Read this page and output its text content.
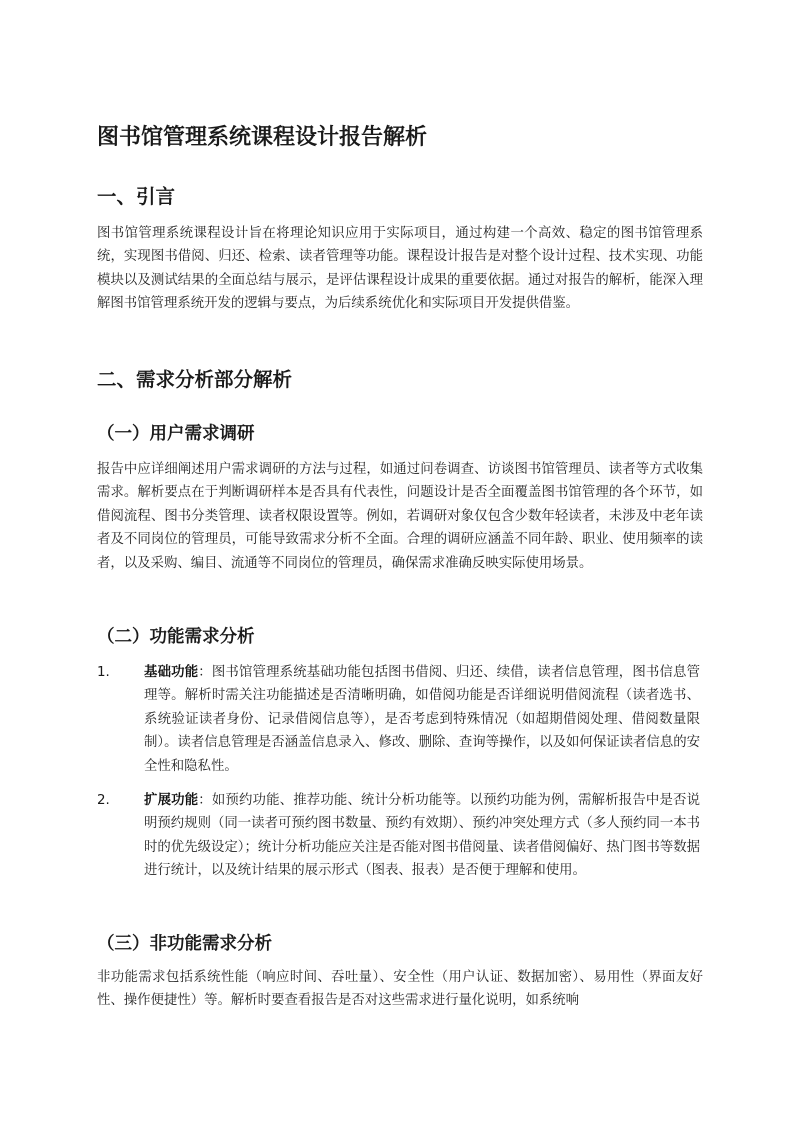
图书馆管理系统课程设计报告解析
一、引言

图书馆管理系统课程设计旨在将理论知识应用于实际项目，通过构建一个高效、稳定的图书馆管理系统，实现图书借阅、归还、检索、读者管理等功能。课程设计报告是对整个设计过程、技术实现、功能模块以及测试结果的全面总结与展示，是评估课程设计成果的重要依据。通过对报告的解析，能深入理解图书馆管理系统开发的逻辑与要点，为后续系统优化和实际项目开发提供借鉴。

二、需求分析部分解析
（一）用户需求调研

报告中应详细阐述用户需求调研的方法与过程，如通过问卷调查、访谈图书馆管理员、读者等方式收集需求。解析要点在于判断调研样本是否具有代表性，问题设计是否全面覆盖图书馆管理的各个环节，如借阅流程、图书分类管理、读者权限设置等。例如，若调研对象仅包含少数年轻读者，未涉及中老年读者及不同岗位的管理员，可能导致需求分析不全面。合理的调研应涵盖不同年龄、职业、使用频率的读者，以及采购、编目、流通等不同岗位的管理员，确保需求准确反映实际使用场景。

（二）功能需求分析
1.	基础功能：图书馆管理系统基础功能包括图书借阅、归还、续借，读者信息管理，图书信息管理等。解析时需关注功能描述是否清晰明确，如借阅功能是否详细说明借阅流程（读者选书、系统验证读者身份、记录借阅信息等），是否考虑到特殊情况（如超期借阅处理、借阅数量限制）。读者信息管理是否涵盖信息录入、修改、删除、查询等操作，以及如何保证读者信息的安全性和隐私性。

2.	扩展功能：如预约功能、推荐功能、统计分析功能等。以预约功能为例，需解析报告中是否说明预约规则（同一读者可预约图书数量、预约有效期）、预约冲突处理方式（多人预约同一本书时的优先级设定）；统计分析功能应关注是否能对图书借阅量、读者借阅偏好、热门图书等数据进行统计，以及统计结果的展示形式（图表、报表）是否便于理解和使用。

（三）非功能需求分析

非功能需求包括系统性能（响应时间、吞吐量）、安全性（用户认证、数据加密）、易用性（界面友好性、操作便捷性）等。解析时要查看报告是否对这些需求进行量化说明，如系统响
